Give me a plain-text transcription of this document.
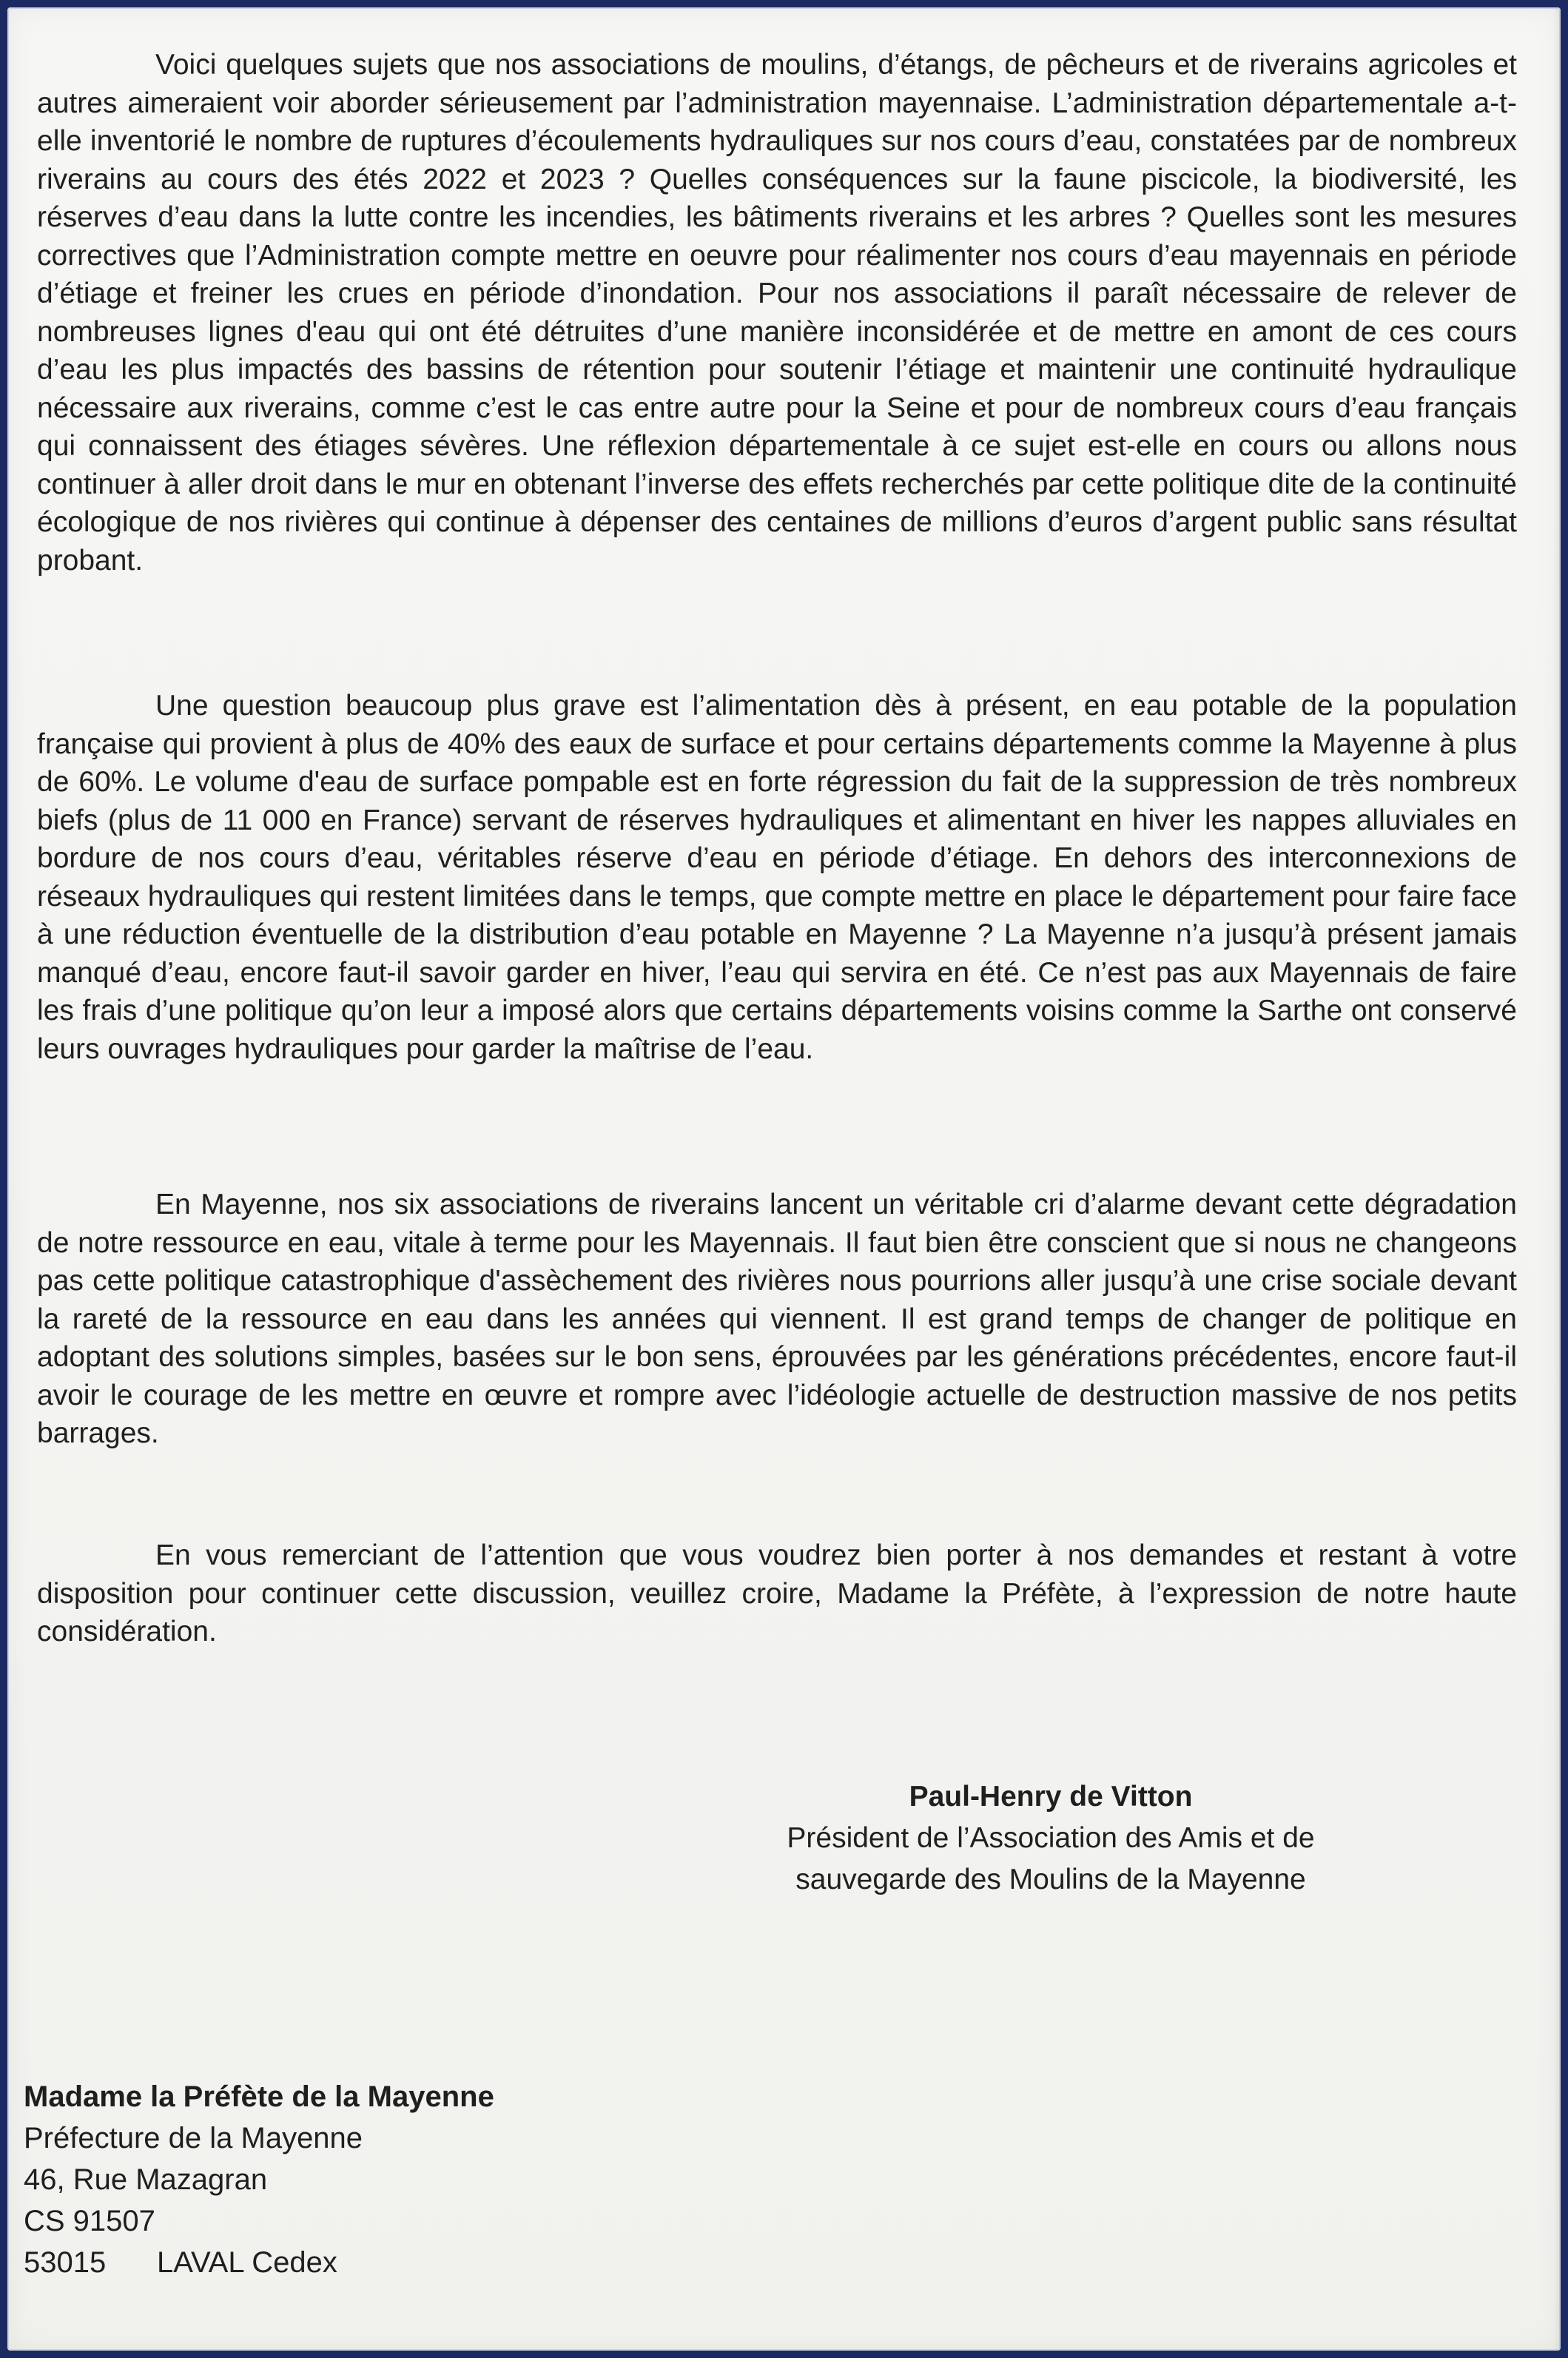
Voici quelques sujets que nos associations de moulins, d’étangs, de pêcheurs et de riverains agricoles et autres aimeraient voir aborder sérieusement par l’administration mayennaise. L’administration départementale a-t-elle inventorié le nombre de ruptures d’écoulements hydrauliques sur nos cours d’eau, constatées par de nombreux riverains au cours des étés 2022 et 2023 ? Quelles conséquences sur la faune piscicole, la biodiversité, les réserves d’eau dans la lutte contre les incendies, les bâtiments riverains et les arbres ? Quelles sont les mesures correctives que l’Administration compte mettre en oeuvre pour réalimenter nos cours d’eau mayennais en période d’étiage et freiner les crues en période d’inondation. Pour nos associations il paraît nécessaire de relever de nombreuses lignes d'eau qui ont été détruites d’une manière inconsidérée et de mettre en amont de ces cours d’eau les plus impactés des bassins de rétention pour soutenir l’étiage et maintenir une continuité hydraulique nécessaire aux riverains, comme c’est le cas entre autre pour la Seine et pour de nombreux cours d’eau français qui connaissent des étiages sévères. Une réflexion départementale à ce sujet est-elle en cours ou allons nous continuer à aller droit dans le mur en obtenant l’inverse des effets recherchés par cette politique dite de la continuité écologique de nos rivières qui continue à dépenser des centaines de millions d’euros d’argent public sans résultat probant.

Une question beaucoup plus grave est l’alimentation dès à présent, en eau potable de la population française qui provient à plus de 40% des eaux de surface et pour certains départements comme la Mayenne à plus de 60%. Le volume d'eau de surface pompable est en forte régression du fait de la suppression de très nombreux biefs (plus de 11 000 en France) servant de réserves hydrauliques et alimentant en hiver les nappes alluviales en bordure de nos cours d’eau, véritables réserve d’eau en période d’étiage. En dehors des interconnexions de réseaux hydrauliques qui restent limitées dans le temps, que compte mettre en place le département pour faire face à une réduction éventuelle de la distribution d’eau potable en Mayenne ? La Mayenne n’a jusqu’à présent jamais manqué d’eau, encore faut-il savoir garder en hiver, l’eau qui servira en été. Ce n’est pas aux Mayennais de faire les frais d’une politique qu’on leur a imposé alors que certains départements voisins comme la Sarthe ont conservé leurs ouvrages hydrauliques pour garder la maîtrise de l’eau.

En Mayenne, nos six associations de riverains lancent un véritable cri d’alarme devant cette dégradation de notre ressource en eau, vitale à terme pour les Mayennais. Il faut bien être conscient que si nous ne changeons pas cette politique catastrophique d'assèchement des rivières nous pourrions aller jusqu’à une crise sociale devant la rareté de la ressource en eau dans les années qui viennent. Il est grand temps de changer de politique en adoptant des solutions simples, basées sur le bon sens, éprouvées par les générations précédentes, encore faut-il avoir le courage de les mettre en œuvre et rompre avec l’idéologie actuelle de destruction massive de nos petits barrages.

En vous remerciant de l’attention que vous voudrez bien porter à nos demandes et restant à votre disposition pour continuer cette discussion, veuillez croire, Madame la Préfète, à l’expression de notre haute considération.

Paul-Henry de Vitton
Président de l’Association des Amis et de
sauvegarde des Moulins de la Mayenne
Madame la Préfète de la Mayenne
Préfecture de la Mayenne
46, Rue Mazagran
CS 91507
53015 LAVAL Cedex
